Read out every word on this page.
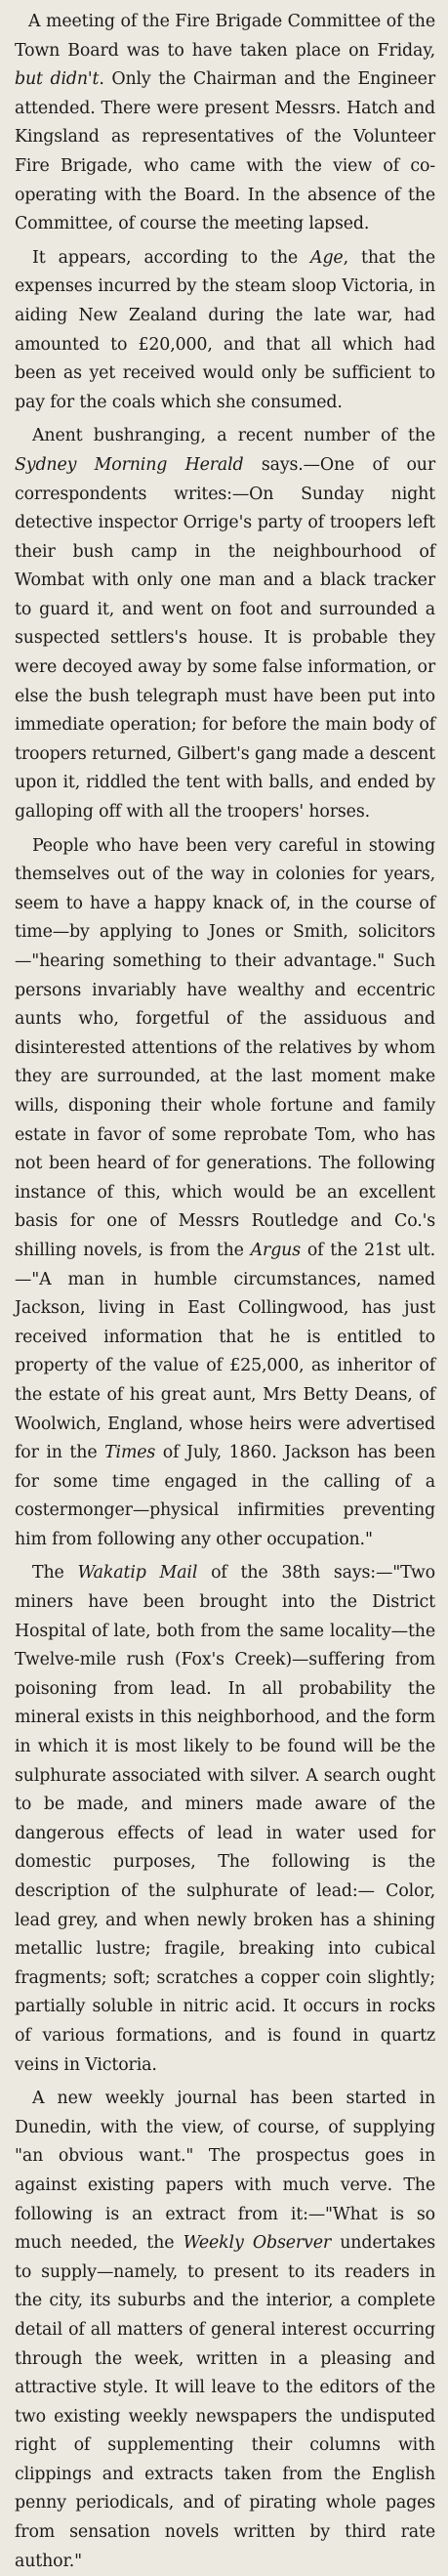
A meeting of the Fire Brigade Committee of the Town Board was to have taken place on Friday, but didn't. Only the Chairman and the Engineer attended. There were present Messrs. Hatch and Kingsland as representatives of the Volunteer Fire Brigade, who came with the view of co-operating with the Board. In the absence of the Committee, of course the meeting lapsed.

It appears, according to the Age, that the expenses incurred by the steam sloop Victoria, in aiding New Zealand during the late war, had amounted to £20,000, and that all which had been as yet received would only be sufficient to pay for the coals which she consumed.

Anent bushranging, a recent number of the Sydney Morning Herald says.—One of our correspondents writes:—On Sunday night detective inspector Orrige's party of troopers left their bush camp in the neighbourhood of Wombat with only one man and a black tracker to guard it, and went on foot and surrounded a suspected settlers's house. It is probable they were decoyed away by some false information, or else the bush telegraph must have been put into immediate operation; for before the main body of troopers returned, Gilbert's gang made a descent upon it, riddled the tent with balls, and ended by galloping off with all the troopers' horses.

People who have been very careful in stowing themselves out of the way in colonies for years, seem to have a happy knack of, in the course of time—by applying to Jones or Smith, solicitors—"hearing something to their advantage." Such persons invariably have wealthy and eccentric aunts who, forgetful of the assiduous and disinterested attentions of the relatives by whom they are surrounded, at the last moment make wills, disponing their whole fortune and family estate in favor of some reprobate Tom, who has not been heard of for generations. The following instance of this, which would be an excellent basis for one of Messrs Routledge and Co.'s shilling novels, is from the Argus of the 21st ult.—"A man in humble circumstances, named Jackson, living in East Collingwood, has just received information that he is entitled to property of the value of £25,000, as inheritor of the estate of his great aunt, Mrs Betty Deans, of Woolwich, England, whose heirs were advertised for in the Times of July, 1860. Jackson has been for some time engaged in the calling of a costermonger—physical infirmities preventing him from following any other occupation."

The Wakatip Mail of the 38th says:—"Two miners have been brought into the District Hospital of late, both from the same locality—the Twelve-mile rush (Fox's Creek)—suffering from poisoning from lead. In all probability the mineral exists in this neighborhood, and the form in which it is most likely to be found will be the sulphurate associated with silver. A search ought to be made, and miners made aware of the dangerous effects of lead in water used for domestic purposes, The following is the description of the sulphurate of lead:— Color, lead grey, and when newly broken has a shining metallic lustre; fragile, breaking into cubical fragments; soft; scratches a copper coin slightly; partially soluble in nitric acid. It occurs in rocks of various formations, and is found in quartz veins in Victoria.

A new weekly journal has been started in Dunedin, with the view, of course, of supplying "an obvious want." The prospectus goes in against existing papers with much verve. The following is an extract from it:—"What is so much needed, the Weekly Observer undertakes to supply—namely, to present to its readers in the city, its suburbs and the interior, a complete detail of all matters of general interest occurring through the week, written in a pleasing and attractive style. It will leave to the editors of the two existing weekly newspapers the undisputed right of supplementing their columns with clippings and extracts taken from the English penny periodicals, and of pirating whole pages from sensation novels written by third rate author."
